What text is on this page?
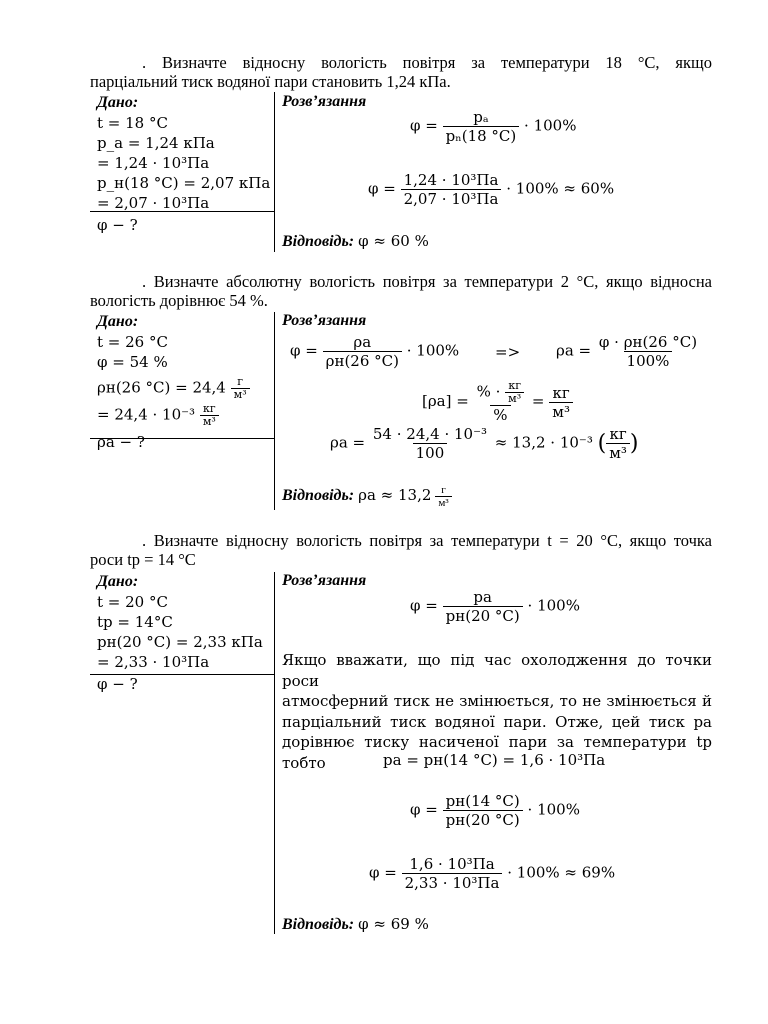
. Визначте відносну вологість повітря за температури 18 °C, якщо
парціальний тиск водяної пари становить 1,24 кПа.
Дано:
t = 18 °C
p_a = 1,24 кПа
= 1,24 · 10³Па
p_н(18 °C) = 2,07 кПа
= 2,07 · 10³Па
φ − ?
Розв’язання
$\varphi = \frac{\text{pₐ}}{\text{pₙ(18 °C)}} \cdot 100\%$
$\varphi = \frac{\text{1,24 · 10³Па}}{\text{2,07 · 10³Па}} \cdot 100\% \approx 60\%$
Відповідь: φ ≈ 60 %
. Визначте абсолютну вологість повітря за температури 2 °C, якщо відносна
вологість дорівнює 54 %.
Дано:
t = 26 °C
φ = 54 %
ρн(26 $^\circ C) = 24,4 \frac{г}{\text{м³}}$
= $24,4 \cdot 10^{-3} \frac{кг}{\text{м³}}$
ρa − ?
Розв’язання
$\varphi = \frac{\rho a}{\rho н(26 ^\circ C)} \cdot 100\% => \rho a = \frac{\varphi \cdot \rho н(26 ^\circ C)}{100\%}$
$[\rho a] = \frac{\% \cdot \frac{кг}{\text{м³}}}{\%} = \frac{кг}{\text{м³}}$
$\rho a = \frac{\text{54 · 24,4 · 10⁻³}}{100} \approx 13,2 \cdot 10^{-3}$ ( $\frac{кг}{\text{м³}}$ )
Відповідь: $\rho a \approx 13,2 \frac{г}{\text{м³}}$
. Визначте відносну вологість повітря за температури t = 20 °C, якщо точка
роси tр = 14 °C
Дано:
t = 20 °C
tр = 14°C
pн(20 °C) = 2,33 кПа
= 2,33 · 10³Па
φ − ?
Розв’язання
$\varphi = \frac{pа}{pн(20 ^\circ C)} \cdot 100\%$
Якщо вважати, що під час охолодження до точки роси
атмосферний тиск не змінюється, то не змінюється й
парціальний тиск водяної пари. Отже, цей тиск pа
дорівнює тиску насиченої пари за температури tр
тобто	pа = pн(14 °C) = 1,6 · 10³Па
$\varphi = \frac{pн(14 ^\circ C)}{pн(20 ^\circ C)} \cdot 100\%$
$\varphi = \frac{\text{1,6 · 10³Па}}{\text{2,33 · 10³Па}} \cdot 100\% \approx 69\%$
Відповідь: φ ≈ 69 %
